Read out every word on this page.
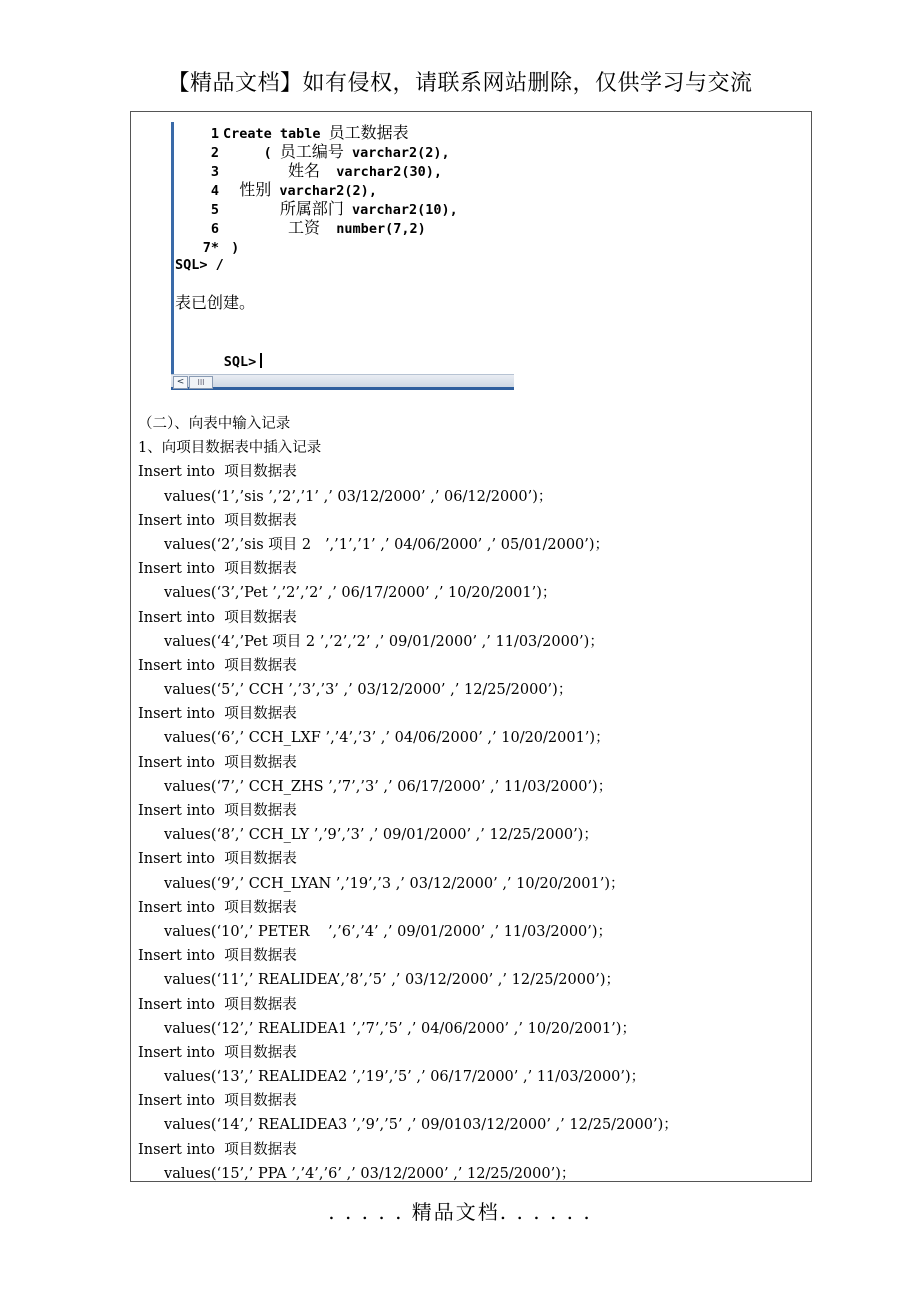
【精品文档】如有侵权，请联系网站删除，仅供学习与交流
1 Create table 员工数据表
2     ( 员工编号 varchar2(2),
3	姓名  varchar2(30),
4 性别 varchar2(2),
5	所属部门 varchar2(10),
6	工资  number(7,2)
7* )
SQL> /
表已创建。

SQL>

<	III
（二）、向表中输入记录
1、向项目数据表中插入记录
Insert into  项目数据表
values(‘1’,’sis ’,’2’,’1’ ,’ 03/12/2000’ ,’ 06/12/2000’)；
Insert into  项目数据表
values(‘2’,’sis 项目 2   ’,’1’,’1’ ,’ 04/06/2000’ ,’ 05/01/2000’)；
Insert into  项目数据表
values(‘3’,’Pet ’,’2’,’2’ ,’ 06/17/2000’ ,’ 10/20/2001’)；
Insert into  项目数据表
values(‘4’,’Pet 项目 2 ’,’2’,’2’ ,’ 09/01/2000’ ,’ 11/03/2000’)；
Insert into  项目数据表
values(‘5’,’ CCH ’,’3’,’3’ ,’ 03/12/2000’ ,’ 12/25/2000’)；
Insert into  项目数据表
values(‘6’,’ CCH_LXF ’,’4’,’3’ ,’ 04/06/2000’ ,’ 10/20/2001’)；
Insert into  项目数据表
values(‘7’,’ CCH_ZHS ’,’7’,’3’ ,’ 06/17/2000’ ,’ 11/03/2000’)；
Insert into  项目数据表
values(‘8’,’ CCH_LY ’,’9’,’3’ ,’ 09/01/2000’ ,’ 12/25/2000’)；
Insert into  项目数据表
values(‘9’,’ CCH_LYAN ’,’19’,’3 ,’ 03/12/2000’ ,’ 10/20/2001’)；
Insert into  项目数据表
values(‘10’,’ PETER    ’,’6’,’4’ ,’ 09/01/2000’ ,’ 11/03/2000’)；
Insert into  项目数据表
values(‘11’,’ REALIDEA’,’8’,’5’ ,’ 03/12/2000’ ,’ 12/25/2000’)；
Insert into  项目数据表
values(‘12’,’ REALIDEA1 ’,’7’,’5’ ,’ 04/06/2000’ ,’ 10/20/2001’)；
Insert into  项目数据表
values(‘13’,’ REALIDEA2 ’,’19’,’5’ ,’ 06/17/2000’ ,’ 11/03/2000’)；
Insert into  项目数据表
values(‘14’,’ REALIDEA3 ’,’9’,’5’ ,’ 09/0103/12/2000’ ,’ 12/25/2000’)；
Insert into  项目数据表
values(‘15’,’ PPA ’,’4’,’6’ ,’ 03/12/2000’ ,’ 12/25/2000’)；
. . . . . 精品文档. . . . . .
